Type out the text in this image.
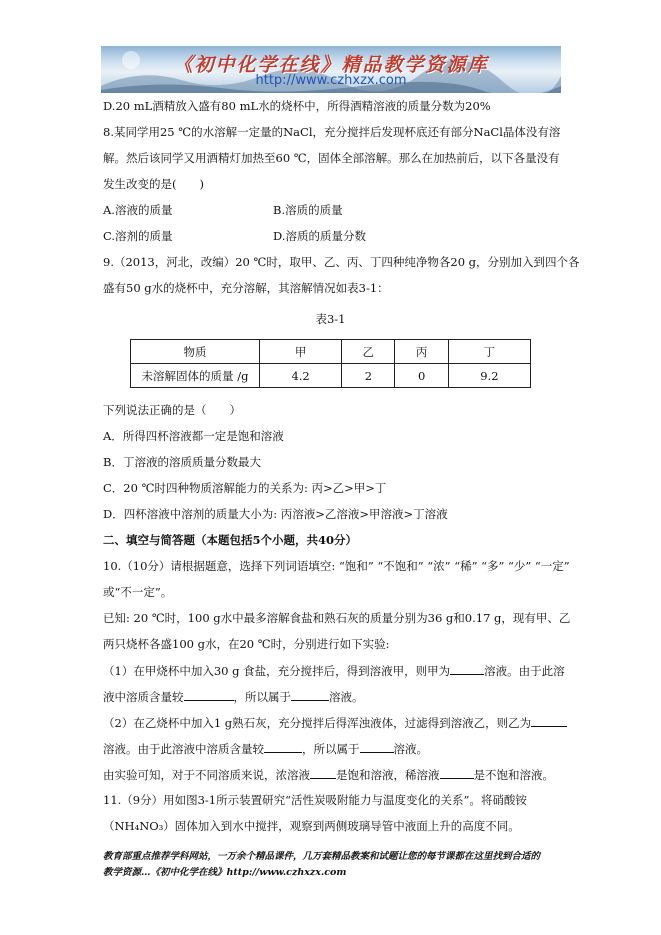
《初中化学在线》精品教学资源库
http://www.czhxzx.com
D.20 mL酒精放入盛有80 mL水的烧杯中，所得酒精溶液的质量分数为20%
8.某同学用25 ℃的水溶解一定量的NaCl，充分搅拌后发现杯底还有部分NaCl晶体没有溶
解。然后该同学又用酒精灯加热至60 ℃，固体全部溶解。那么在加热前后，以下各量没有
发生改变的是(　　)
A.溶液的质量	B.溶质的质量
C.溶剂的质量	D.溶质的质量分数
9.（2013，河北，改编）20 ℃时，取甲、乙、丙、丁四种纯净物各20 g，分别加入到四个各
盛有50 g水的烧杯中，充分溶解，其溶解情况如表3-1：
表3-1
物质	甲	乙	丙	丁
未溶解固体的质量 /g	4.2	2	0	9.2
下列说法正确的是（　　）
A．所得四杯溶液都一定是饱和溶液
B．丁溶液的溶质质量分数最大
C．20 ℃时四种物质溶解能力的关系为: 丙>乙>甲>丁
D．四杯溶液中溶剂的质量大小为: 丙溶液>乙溶液>甲溶液>丁溶液
二、填空与简答题（本题包括5个小题，共40分）
10.（10分）请根据题意，选择下列词语填空: “饱和” “不饱和” “浓” “稀” “多” “少” “一定”
或“不一定”。
已知: 20 ℃时，100 g水中最多溶解食盐和熟石灰的质量分别为36 g和0.17 g，现有甲、乙
两只烧杯各盛100 g水，在20 ℃时，分别进行如下实验:
（1）在甲烧杯中加入30 g 食盐，充分搅拌后，得到溶液甲，则甲为	溶液。由于此溶
液中溶质含量较	，所以属于	溶液。
（2）在乙烧杯中加入1 g熟石灰，充分搅拌后得浑浊液体，过滤得到溶液乙，则乙为
溶液。由于此溶液中溶质含量较	，所以属于	溶液。
由实验可知，对于不同溶质来说，浓溶液 是饱和溶液，稀溶液	是不饱和溶液。
11.（9分）用如图3-1所示装置研究“活性炭吸附能力与温度变化的关系”。将硝酸铵
（NH₄NO₃）固体加入到水中搅拌，观察到两侧玻璃导管中液面上升的高度不同。
教育部重点推荐学科网站，一万余个精品课件，几万套精品教案和试题让您的每节课都在这里找到合适的
教学资源…《初中化学在线》http://www.czhxzx.com
